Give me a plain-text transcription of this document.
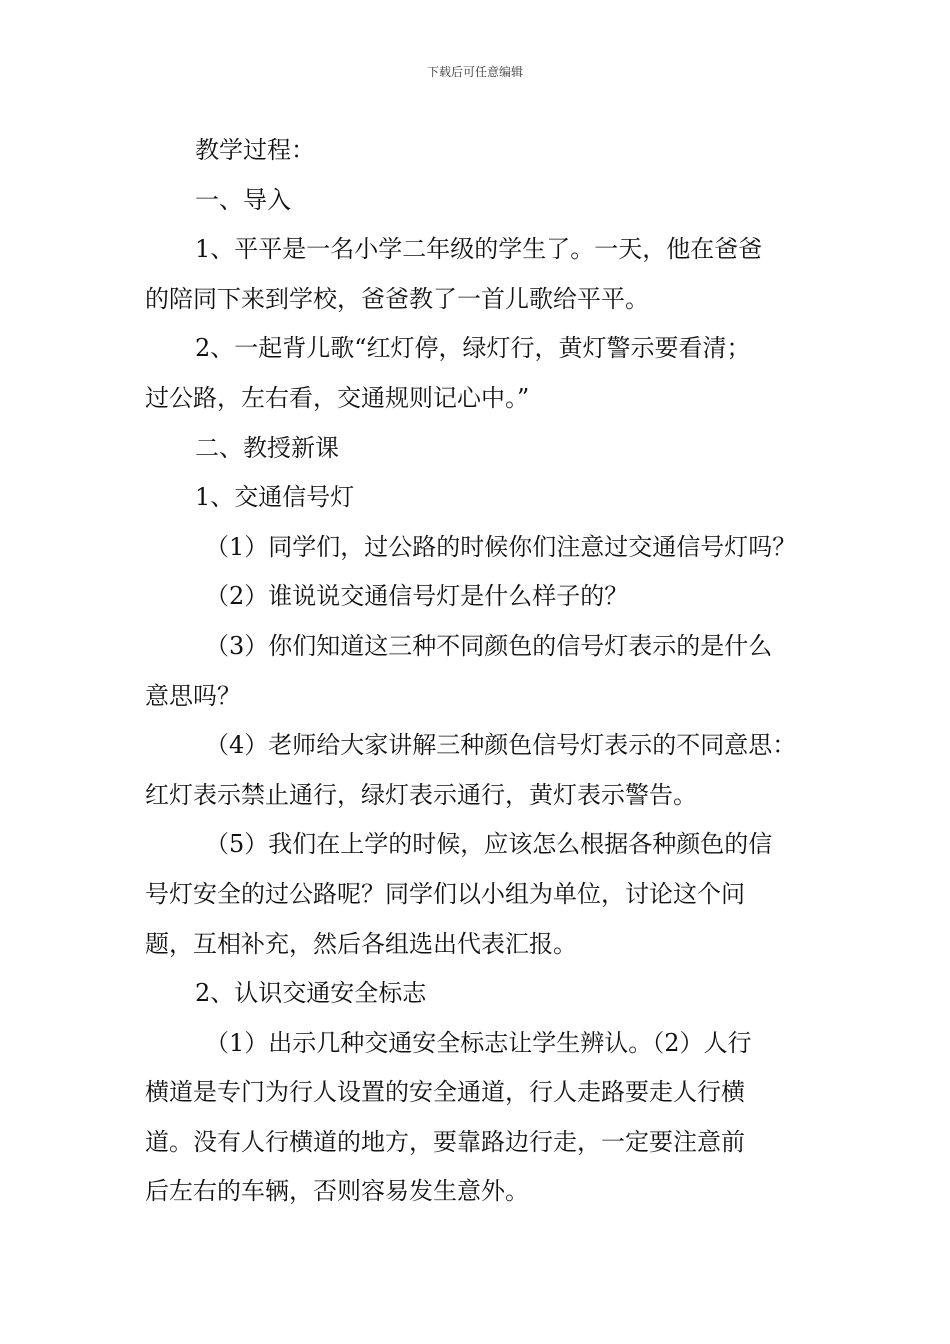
下载后可任意编辑

教学过程：

一、导入

1、平平是一名小学二年级的学生了。一天，他在爸爸

的陪同下来到学校，爸爸教了一首儿歌给平平。

2、一起背儿歌“红灯停，绿灯行，黄灯警示要看清；

过公路，左右看，交通规则记心中。”

二、教授新课

1、交通信号灯

（1）同学们，过公路的时候你们注意过交通信号灯吗？

（2）谁说说交通信号灯是什么样子的？

（3）你们知道这三种不同颜色的信号灯表示的是什么

意思吗？

（4）老师给大家讲解三种颜色信号灯表示的不同意思：

红灯表示禁止通行，绿灯表示通行，黄灯表示警告。

（5）我们在上学的时候，应该怎么根据各种颜色的信

号灯安全的过公路呢？同学们以小组为单位，讨论这个问

题，互相补充，然后各组选出代表汇报。

2、认识交通安全标志

（1）出示几种交通安全标志让学生辨认。（2）人行

横道是专门为行人设置的安全通道，行人走路要走人行横

道。没有人行横道的地方，要靠路边行走，一定要注意前

后左右的车辆，否则容易发生意外。
